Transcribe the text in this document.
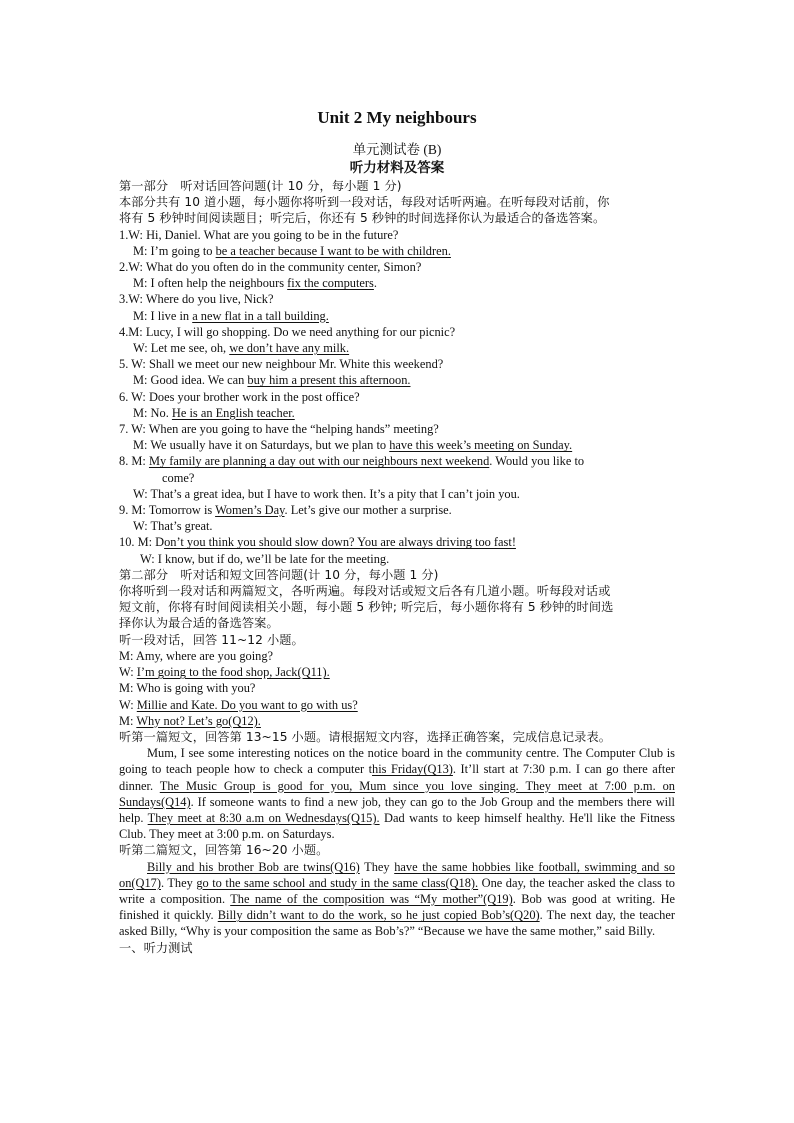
Unit 2 My neighbours

单元测试卷 (B)

听力材料及答案

第一部分　听对话回答问题(计 10 分，每小题 1 分)

本部分共有 10 道小题，每小题你将听到一段对话，每段对话听两遍。在听每段对话前，你

将有 5 秒钟时间阅读题目；听完后，你还有 5 秒钟的时间选择你认为最适合的备选答案。

1.W: Hi, Daniel. What are you going to be in the future?

M: I’m going to be a teacher because I want to be with children.

2.W: What do you often do in the community center, Simon?

M: I often help the neighbours fix the computers.

3.W: Where do you live, Nick?

M: I live in a new flat in a tall building.

4.M: Lucy, I will go shopping. Do we need anything for our picnic?

W: Let me see, oh, we don’t have any milk.

5. W: Shall we meet our new neighbour Mr. White this weekend?

M: Good idea. We can buy him a present this afternoon.

6. W: Does your brother work in the post office?

M: No. He is an English teacher.

7. W: When are you going to have the “helping hands” meeting?

M: We usually have it on Saturdays, but we plan to have this week’s meeting on Sunday.

8. M: My family are planning a day out with our neighbours next weekend. Would you like to

come?

W: That’s a great idea, but I have to work then. It’s a pity that I can’t join you.

9. M: Tomorrow is Women’s Day. Let’s give our mother a surprise.

W: That’s great.

10. M: Don’t you think you should slow down? You are always driving too fast!

W: I know, but if do, we’ll be late for the meeting.

第二部分　听对话和短文回答问题(计 10 分，每小题 1 分)

你将听到一段对话和两篇短文，各听两遍。每段对话或短文后各有几道小题。听每段对话或

短文前，你将有时间阅读相关小题，每小题 5 秒钟; 听完后，每小题你将有 5 秒钟的时间选

择你认为最合适的备选答案。

听一段对话，回答 11~12 小题。

M: Amy, where are you going?

W: I’m going to the food shop, Jack(Q11).

M: Who is going with you?

W: Millie and Kate. Do you want to go with us?

M: Why not? Let’s go(Q12).

听第一篇短文，回答第 13~15 小题。请根据短文内容，选择正确答案，完成信息记录表。

Mum, I see some interesting notices on the notice board in the community centre. The Computer Club is going to teach people how to check a computer this Friday(Q13). It’ll start at 7:30 p.m. I can go there after dinner. The Music Group is good for you, Mum since you love singing. They meet at 7:00 p.m. on Sundays(Q14). If someone wants to find a new job, they can go to the Job Group and the members there will help. They meet at 8:30 a.m on Wednesdays(Q15). Dad wants to keep himself healthy. He'll like the Fitness Club. They meet at 3:00 p.m. on Saturdays.

听第二篇短文，回答第 16~20 小题。

Billy and his brother Bob are twins(Q16) They have the same hobbies like football, swimming and so on(Q17). They go to the same school and study in the same class(Q18). One day, the teacher asked the class to write a composition. The name of the composition was “My mother”(Q19). Bob was good at writing. He finished it quickly. Billy didn’t want to do the work, so he just copied Bob’s(Q20). The next day, the teacher asked Billy, “Why is your composition the same as Bob’s?” “Because we have the same mother,” said Billy.

一、听力测试
